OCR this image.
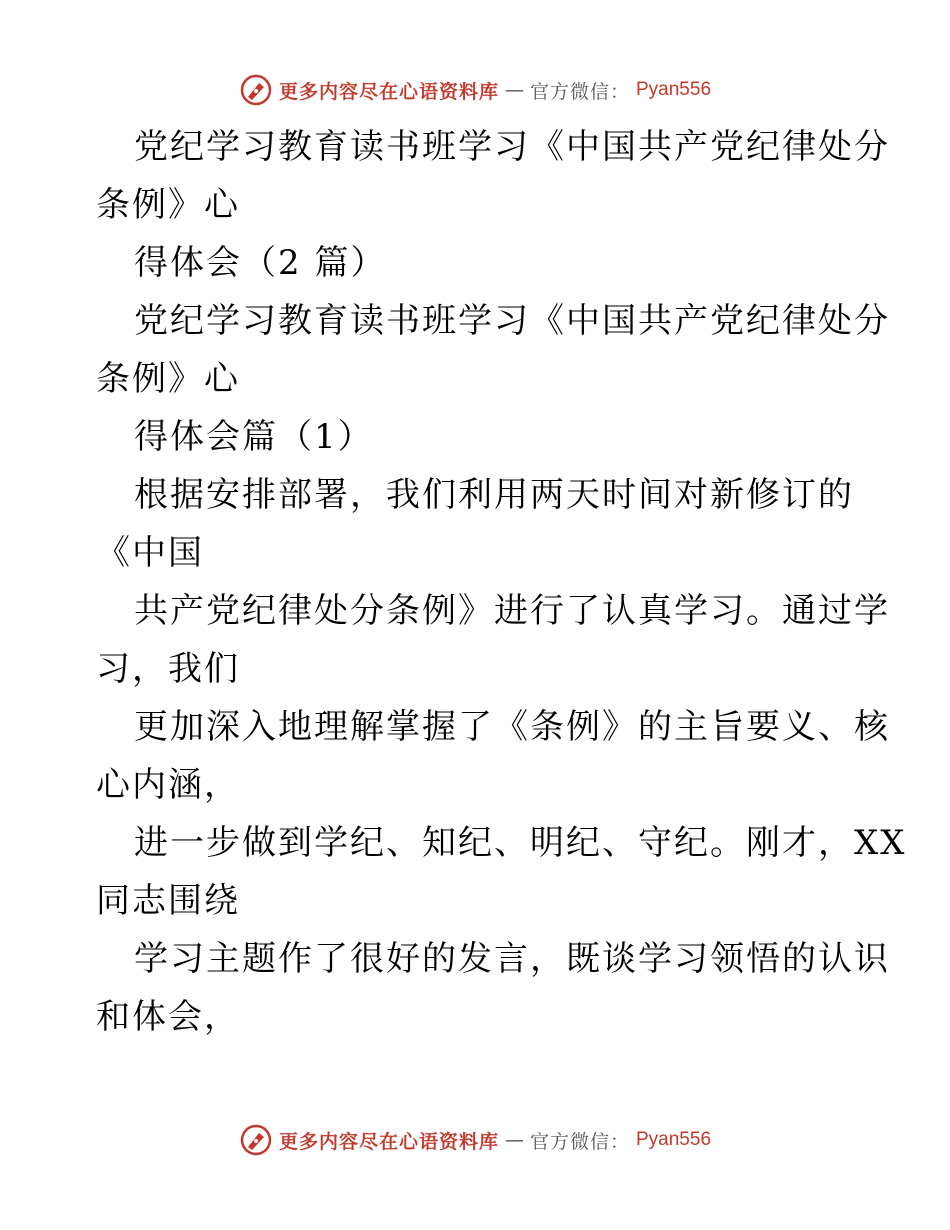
更多内容尽在心语资料库 — 官方微信： Pyan556
党纪学习教育读书班学习《中国共产党纪律处分
条例》心
得体会（2 篇）
党纪学习教育读书班学习《中国共产党纪律处分
条例》心
得体会篇（1）
根据安排部署，我们利用两天时间对新修订的
《中国
共产党纪律处分条例》进行了认真学习。通过学
习，我们
更加深入地理解掌握了《条例》的主旨要义、核
心内涵，
进一步做到学纪、知纪、明纪、守纪。刚才，XX
同志围绕
学习主题作了很好的发言，既谈学习领悟的认识
和体会，
更多内容尽在心语资料库 — 官方微信： Pyan556
